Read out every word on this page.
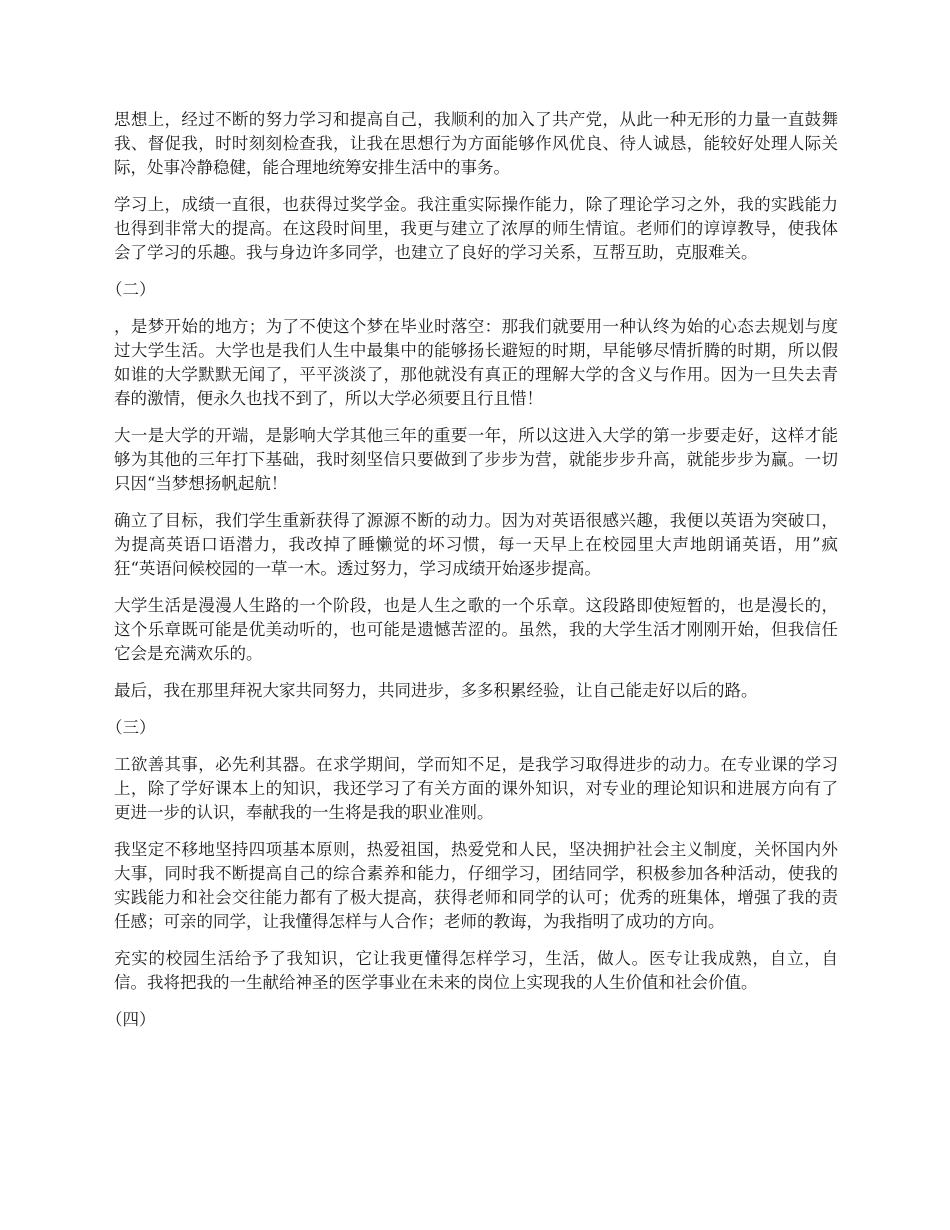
思想上，经过不断的努力学习和提高自己，我顺利的加入了共产党，从此一种无形的力量一直鼓舞我、督促我，时时刻刻检查我，让我在思想行为方面能够作风优良、待人诚恳，能较好处理人际关际，处事冷静稳健，能合理地统筹安排生活中的事务。

学习上，成绩一直很，也获得过奖学金。我注重实际操作能力，除了理论学习之外，我的实践能力也得到非常大的提高。在这段时间里，我更与建立了浓厚的师生情谊。老师们的谆谆教导，使我体会了学习的乐趣。我与身边许多同学，也建立了良好的学习关系，互帮互助，克服难关。

（二）

，是梦开始的地方；为了不使这个梦在毕业时落空：那我们就要用一种认终为始的心态去规划与度过大学生活。大学也是我们人生中最集中的能够扬长避短的时期，早能够尽情折腾的时期，所以假如谁的大学默默无闻了，平平淡淡了，那他就没有真正的理解大学的含义与作用。因为一旦失去青春的激情，便永久也找不到了，所以大学必须要且行且惜！

大一是大学的开端，是影响大学其他三年的重要一年，所以这进入大学的第一步要走好，这样才能够为其他的三年打下基础，我时刻坚信只要做到了步步为营，就能步步升高，就能步步为赢。一切只因“当梦想扬帆起航！

确立了目标，我们学生重新获得了源源不断的动力。因为对英语很感兴趣，我便以英语为突破口，为提高英语口语潜力，我改掉了睡懒觉的坏习惯，每一天早上在校园里大声地朗诵英语，用”疯狂“英语问候校园的一草一木。透过努力，学习成绩开始逐步提高。

大学生活是漫漫人生路的一个阶段，也是人生之歌的一个乐章。这段路即使短暂的，也是漫长的，这个乐章既可能是优美动听的，也可能是遗憾苦涩的。虽然，我的大学生活才刚刚开始，但我信任它会是充满欢乐的。

最后，我在那里拜祝大家共同努力，共同进步，多多积累经验，让自己能走好以后的路。

（三）

工欲善其事，必先利其器。在求学期间，学而知不足，是我学习取得进步的动力。在专业课的学习上，除了学好课本上的知识，我还学习了有关方面的课外知识，对专业的理论知识和进展方向有了更进一步的认识，奉献我的一生将是我的职业准则。

我坚定不移地坚持四项基本原则，热爱祖国，热爱党和人民，坚决拥护社会主义制度，关怀国内外大事，同时我不断提高自己的综合素养和能力，仔细学习，团结同学，积极参加各种活动，使我的实践能力和社会交往能力都有了极大提高，获得老师和同学的认可；优秀的班集体，增强了我的责任感；可亲的同学，让我懂得怎样与人合作；老师的教诲，为我指明了成功的方向。

充实的校园生活给予了我知识，它让我更懂得怎样学习，生活，做人。医专让我成熟，自立，自信。我将把我的一生献给神圣的医学事业在未来的岗位上实现我的人生价值和社会价值。

（四）
